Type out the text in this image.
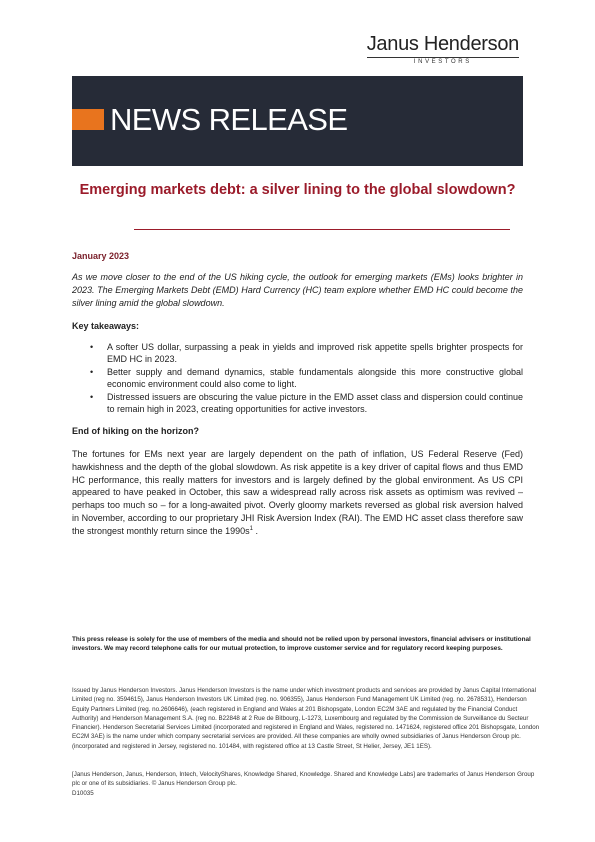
Janus Henderson
INVESTORS
NEWS RELEASE
Emerging markets debt: a silver lining to the global slowdown?
January 2023
As we move closer to the end of the US hiking cycle, the outlook for emerging markets (EMs) looks brighter in 2023. The Emerging Markets Debt (EMD) Hard Currency (HC) team explore whether EMD HC could become the silver lining amid the global slowdown.
Key takeaways:
• A softer US dollar, surpassing a peak in yields and improved risk appetite spells brighter prospects for EMD HC in 2023.
• Better supply and demand dynamics, stable fundamentals alongside this more constructive global economic environment could also come to light.
• Distressed issuers are obscuring the value picture in the EMD asset class and dispersion could continue to remain high in 2023, creating opportunities for active investors.
End of hiking on the horizon?
The fortunes for EMs next year are largely dependent on the path of inflation, US Federal Reserve (Fed) hawkishness and the depth of the global slowdown. As risk appetite is a key driver of capital flows and thus EMD HC performance, this really matters for investors and is largely defined by the global environment. As US CPI appeared to have peaked in October, this saw a widespread rally across risk assets as optimism was revived – perhaps too much so – for a long-awaited pivot. Overly gloomy markets reversed as global risk aversion halved in November, according to our proprietary JHI Risk Aversion Index (RAI). The EMD HC asset class therefore saw the strongest monthly return since the $1990s^1$ .
This press release is solely for the use of members of the media and should not be relied upon by personal investors, financial advisers or institutional investors. We may record telephone calls for our mutual protection, to improve customer service and for regulatory record keeping purposes.
Issued by Janus Henderson Investors. Janus Henderson Investors is the name under which investment products and services are provided by Janus Capital International Limited (reg no. 3594615), Janus Henderson Investors UK Limited (reg. no. 906355), Janus Henderson Fund Management UK Limited (reg. no. 2678531), Henderson Equity Partners Limited (reg. no.2606646), (each registered in England and Wales at 201 Bishopsgate, London EC2M 3AE and regulated by the Financial Conduct Authority) and Henderson Management S.A. (reg no. B22848 at 2 Rue de Bitbourg, L-1273, Luxembourg and regulated by the Commission de Surveillance du Secteur Financier). Henderson Secretarial Services Limited (incorporated and registered in England and Wales, registered no. 1471624, registered office 201 Bishopsgate, London EC2M 3AE) is the name under which company secretarial services are provided. All these companies are wholly owned subsidiaries of Janus Henderson Group plc. (incorporated and registered in Jersey, registered no. 101484, with registered office at 13 Castle Street, St Helier, Jersey, JE1 1ES).
[Janus Henderson, Janus, Henderson, Intech, VelocityShares, Knowledge Shared, Knowledge. Shared and Knowledge Labs] are trademarks of Janus Henderson Group plc or one of its subsidiaries. © Janus Henderson Group plc.
D10035
